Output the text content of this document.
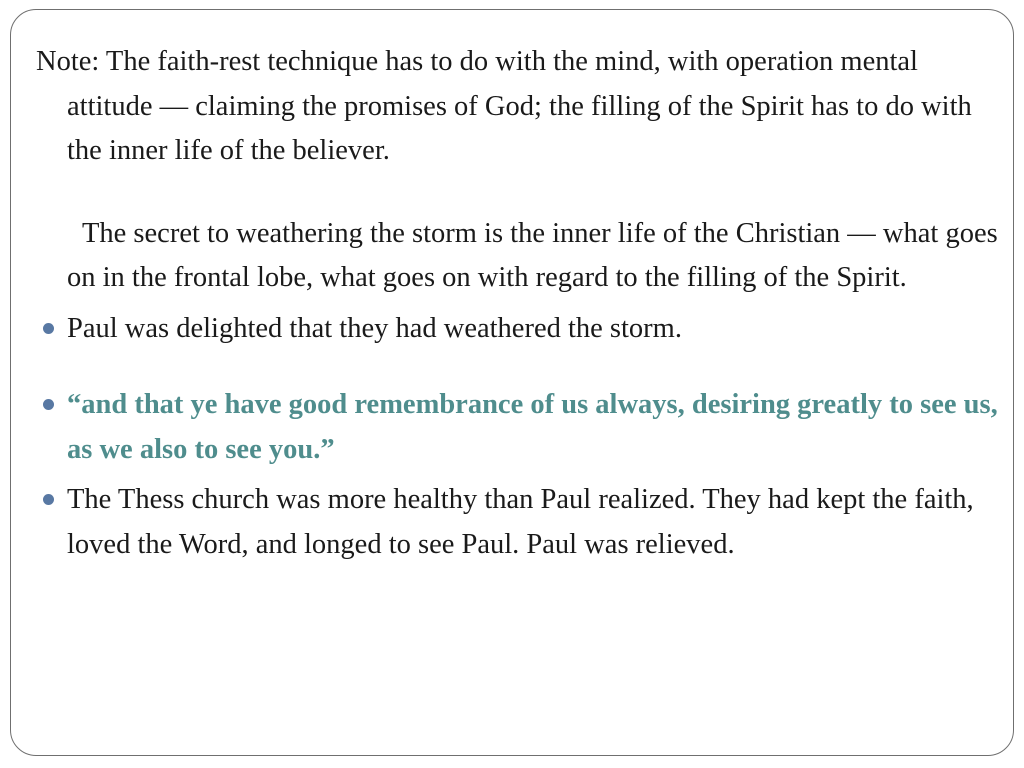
Note: The faith-rest technique has to do with the mind, with operation mental attitude — claiming the promises of God; the filling of the Spirit has to do with the inner life of the believer.

The secret to weathering the storm is the inner life of the Christian — what goes on in the frontal lobe, what goes on with regard to the filling of the Spirit.

Paul was delighted that they had weathered the storm.
“and that ye have good remembrance of us always, desiring greatly to see us, as we also to see you.”
The Thess church was more healthy than Paul realized. They had kept the faith, loved the Word, and longed to see Paul. Paul was relieved.
